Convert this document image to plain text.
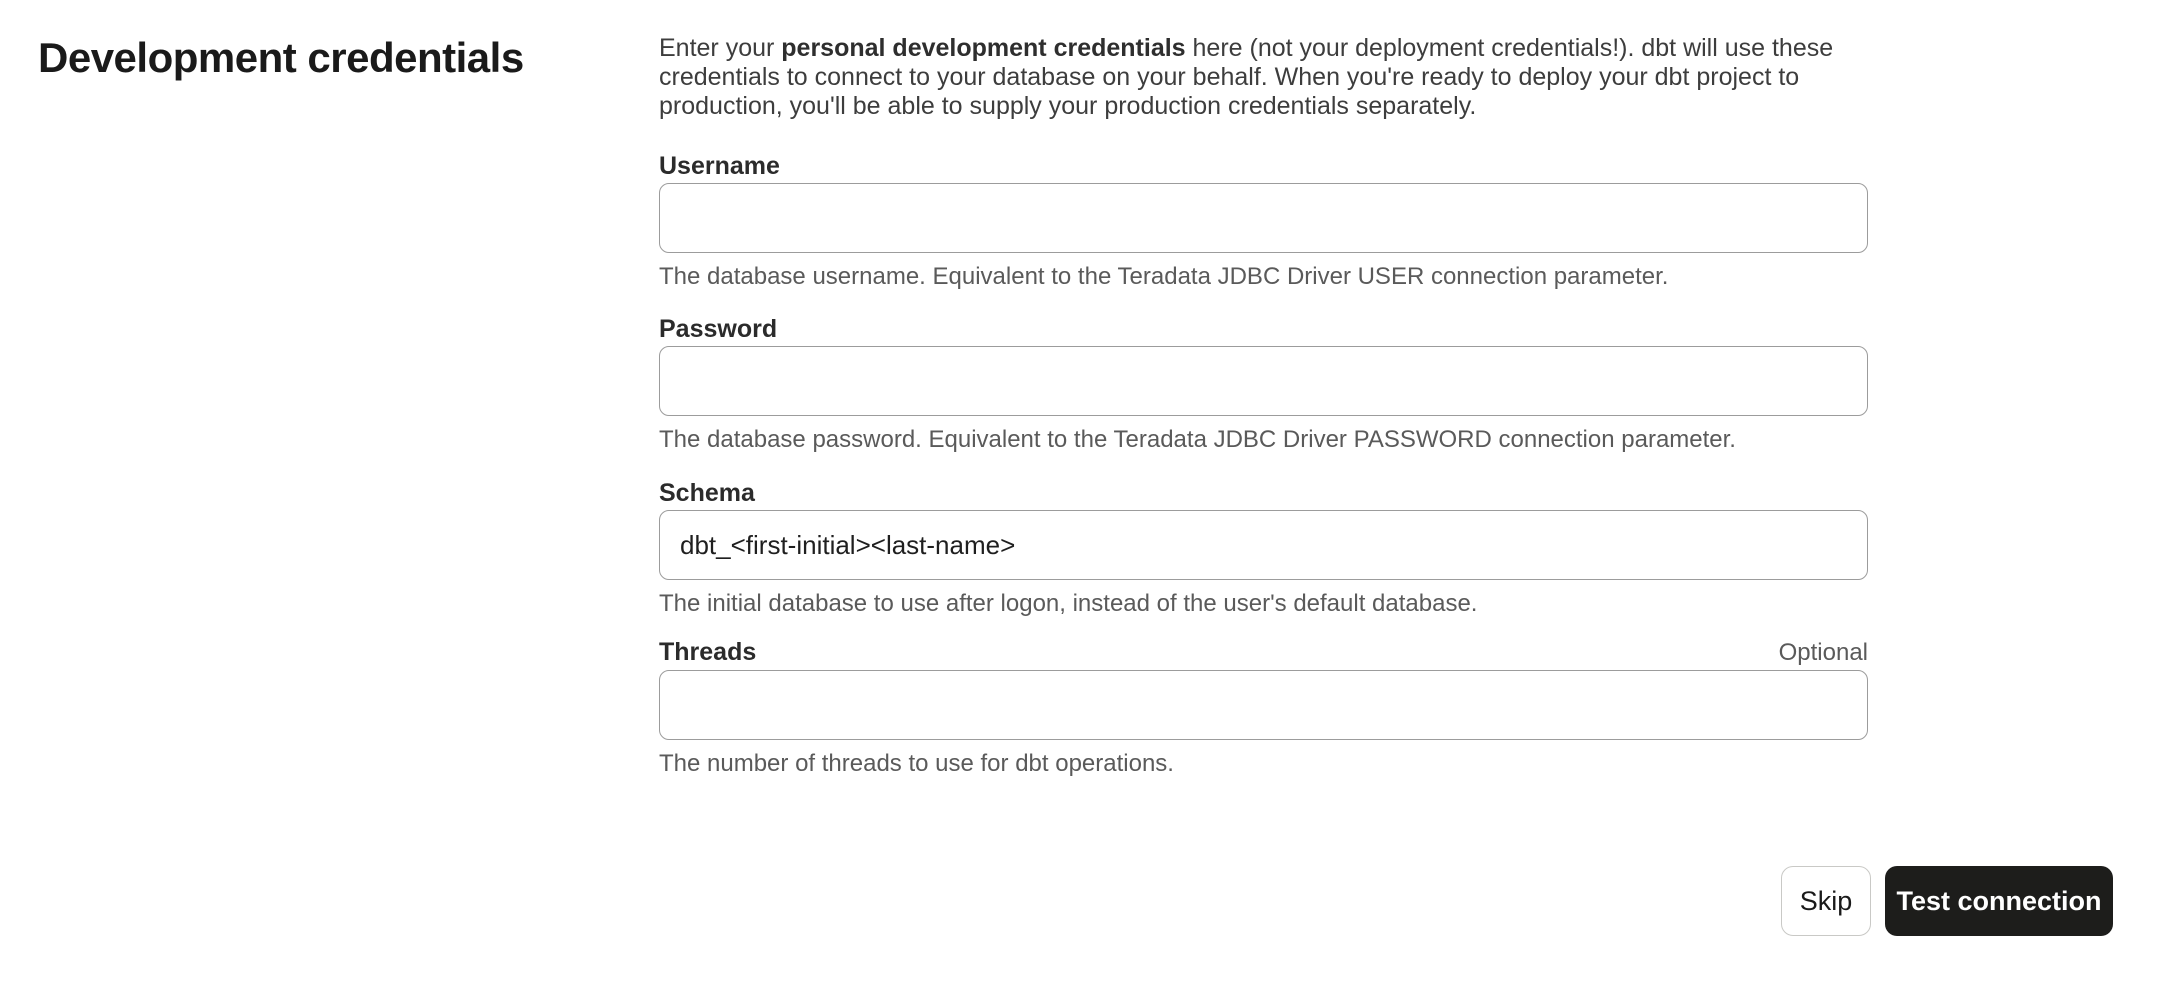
Development credentials	Enter your personal development credentials here (not your deployment credentials!). dbt will use these credentials to connect to your database on your behalf. When you're ready to deploy your dbt project to production, you'll be able to supply your production credentials separately.

Username

The database username. Equivalent to the Teradata JDBC Driver USER connection parameter.

Password

The database password. Equivalent to the Teradata JDBC Driver PASSWORD connection parameter.

Schema
dbt_<first-initial><last-name>

The initial database to use after logon, instead of the user's default database.

Threads	Optional

The number of threads to use for dbt operations.

Skip	Test connection
